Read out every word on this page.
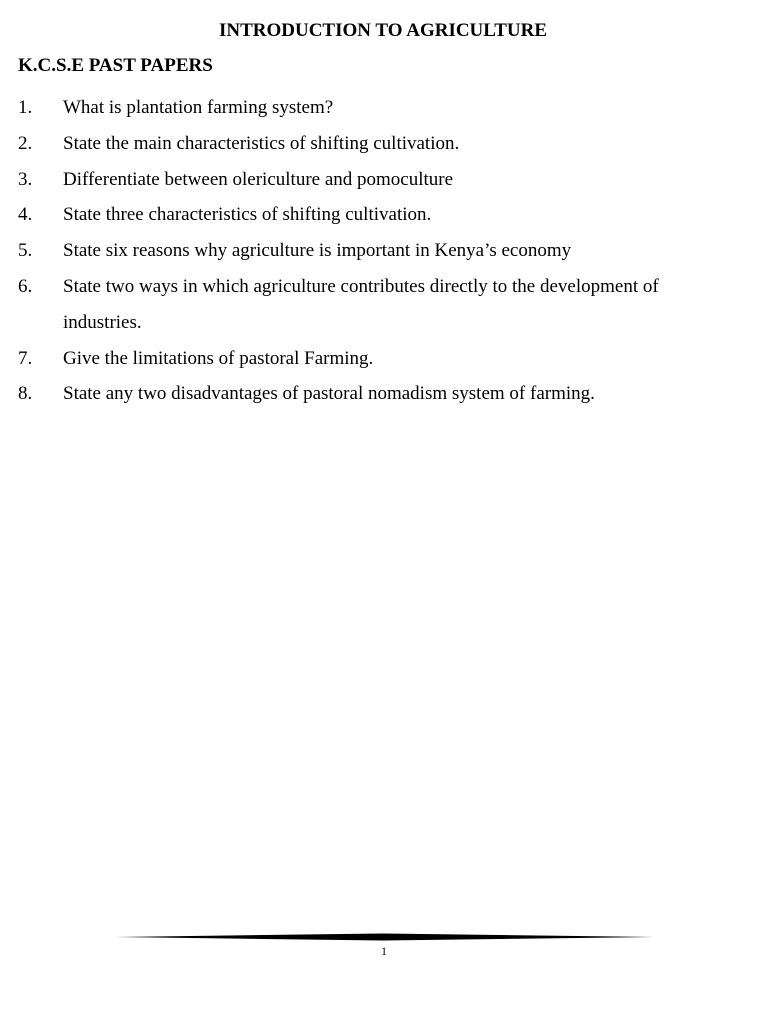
INTRODUCTION TO AGRICULTURE
K.C.S.E PAST PAPERS
1. What is plantation farming system?
2. State the main characteristics of shifting cultivation.
3. Differentiate between olericulture and pomoculture
4. State three characteristics of shifting cultivation.
5. State six reasons why agriculture is important in Kenya’s economy
6. State two ways in which agriculture contributes directly to the development of industries.
7. Give the limitations of pastoral Farming.
8. State any two disadvantages of pastoral nomadism system of farming.
1
